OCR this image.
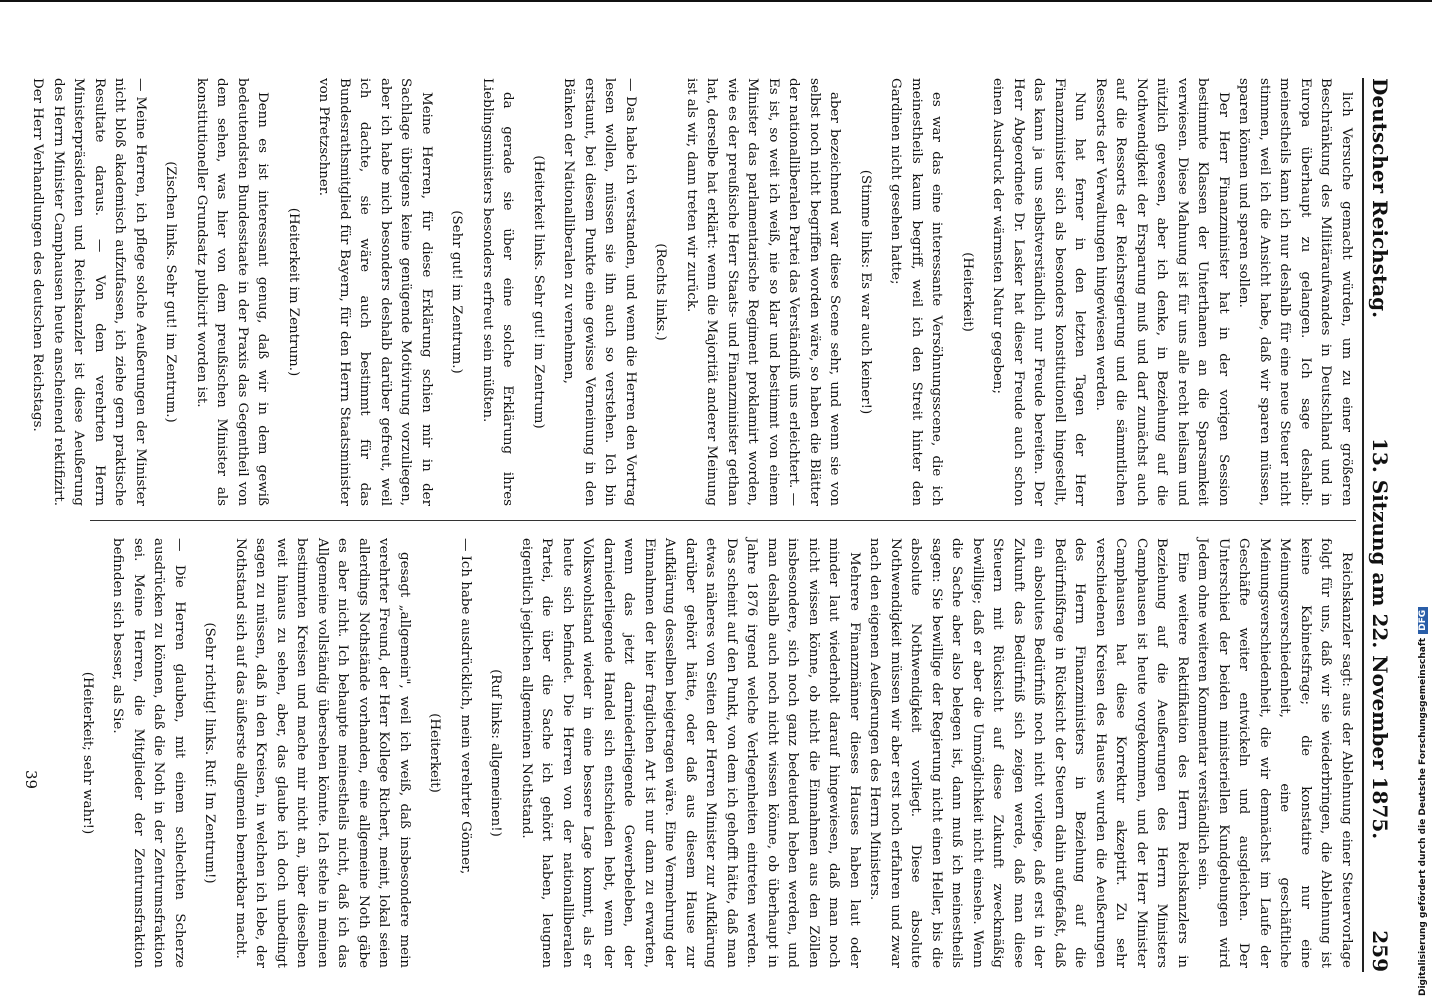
Deutscher Reichstag.
13. Sitzung am 22. November 1875.
259

lich Versuche gemacht würden, um zu einer größeren Beschränkung des Militäraufwandes in Deutschland und in Europa überhaupt zu gelangen. Ich sage deshalb: meinestheils kann ich nur deshalb für eine neue Steuer nicht stimmen, weil ich die Ansicht habe, daß wir sparen müssen, sparen können und sparen sollen.

Der Herr Finanzminister hat in der vorigen Session bestimmte Klassen der Unterthanen an die Sparsamkeit verwiesen. Diese Mahnung ist für uns alle recht heilsam und nützlich gewesen, aber ich denke, in Beziehung auf die Nothwendigkeit der Ersparung muß und darf zunächst auch auf die Ressorts der Reichsregierung und die sämmtlichen Ressorts der Verwaltungen hingewiesen werden.

Nun hat ferner in den letzten Tagen der Herr Finanzminister sich als besonders konstitutionell hingestellt, das kann ja uns selbstverständlich nur Freude bereiten. Der Herr Abgeordnete Dr. Lasker hat dieser Freude auch schon einen Ausdruck der wärmsten Natur gegeben;

(Heiterkeit)

es war das eine interessante Versöhnungsscene, die ich meinestheils kaum begriff, weil ich den Streit hinter den Gardinen nicht gesehen hatte;

(Stimme links: Es war auch keiner!)

aber bezeichnend war diese Scene sehr, und wenn sie von selbst noch nicht begriffen worden wäre, so haben die Blätter der nationalliberalen Partei das Verständniß uns erleichtert. — Es ist, so weit ich weiß, nie so klar und bestimmt von einem Minister das parlamentarische Regiment proklamirt worden, wie es der preußische Herr Staats- und Finanzminister gethan hat, derselbe hat erklärt: wenn die Majorität anderer Meinung ist als wir, dann treten wir zurück.

(Rechts links.)

— Das habe ich verstanden, und wenn die Herren den Vortrag lesen wollen, müssen sie ihn auch so verstehen. Ich bin erstaunt, bei diesem Punkte eine gewisse Verneinung in den Bänken der Nationalliberalen zu vernehmen,

(Heiterkeit links. Sehr gut! im Zentrum)

da gerade sie über eine solche Erklärung ihres Lieblingsministers besonders erfreut sein müßten.

(Sehr gut! im Zentrum.)

Meine Herren, für diese Erklärung schien mir in der Sachlage übrigens keine genügende Motivirung vorzuliegen, aber ich habe mich besonders deshalb darüber gefreut, weil ich dachte, sie wäre auch bestimmt für das Bundesrathsmitglied für Bayern, für den Herrn Staatsminister von Pfretzschner.

(Heiterkeit im Zentrum.)

Denn es ist interessant genug, daß wir in dem gewiß bedeutendsten Bundesstaate in der Praxis das Gegentheil von dem sehen, was hier von dem preußischen Minister als konstitutioneller Grundsatz publicirt worden ist.

(Zischen links. Sehr gut! im Zentrum.)

— Meine Herren, ich pflege solche Aeußerungen der Minister nicht bloß akademisch aufzufassen, ich ziehe gern praktische Resultate daraus. — Von dem verehrten Herrn Ministerpräsidenten und Reichskanzler ist diese Aeußerung des Herrn Minister Camphausen heute anscheinend rektifizirt. Der Herr Verhandlungen des deutschen Reichstags.

Reichskanzler sagt: aus der Ablehnung einer Steuervorlage folgt für uns, daß wir sie wiederbringen, die Ablehnung ist keine Kabinetsfrage; die konstatire nur eine Meinungsverschiedenheit, eine geschäftliche Meinungsverschiedenheit, die wir demnächst im Laufe der Geschäfte weiter entwickeln und ausgleichen. Der Unterschied der beiden ministeriellen Kundgebungen wird Jedem ohne weiteren Kommentar verständlich sein.

Eine weitere Rektifikation des Herrn Reichskanzlers in Beziehung auf die Aeußerungen des Herrn Ministers Camphausen ist heute vorgekommen, und der Herr Minister Camphausen hat diese Korrektur akzeptirt. Zu sehr verschiedenen Kreisen des Hauses wurden die Aeußerungen des Herrn Finanzministers in Beziehung auf die Bedürfnißfrage in Rücksicht der Steuern dahin aufgefaßt, daß ein absolutes Bedürfniß noch nicht vorliege, daß erst in der Zukunft das Bedürfniß sich zeigen werde, daß man diese Steuern mit Rücksicht auf diese Zukunft zweckmäßig bewillige; daß er aber die Unmöglichkeit nicht einsehe. Wenn die Sache aber also belegen ist, dann muß ich meinestheils sagen: Sie bewillige der Regierung nicht einen Heller, bis die absolute Nothwendigkeit vorliegt. Diese absolute Nothwendigkeit müssen wir aber erst noch erfahren und zwar nach den eigenen Aeußerungen des Herrn Ministers.

Mehrere Finanzmänner dieses Hauses haben laut oder minder laut wiederholt darauf hingewiesen, daß man noch nicht wissen könne, ob nicht die Einnahmen aus den Zöllen insbesondere, sich noch ganz bedeutend heben werden, und man deshalb auch noch nicht wissen könne, ob überhaupt in Jahre 1876 irgend welche Verlegenheiten eintreten werden. Das scheint auf den Punkt, von dem ich gehofft hätte, daß man etwas näheres von Seiten der Herren Minister zur Aufklärung darüber gehört hätte, oder daß aus diesem Hause zur Aufklärung desselben beigetragen wäre. Eine Vermehrung der Einnahmen der hier fraglichen Art ist nur dann zu erwarten, wenn das jetzt darniederliegende Gewerbeleben, der darniederliegende Handel sich entschieden hebt, wenn der Volkswohlstand wieder in eine bessere Lage kommt, als er heute sich befindet. Die Herren von der nationalliberalen Partei, die über die Sache ich gehört haben, leugnen eigentlich jeglichen allgemeinen Nothstand.

(Ruf links: allgemeinen!)

— Ich habe ausdrücklich, mein verehrter Gönner,

(Heiterkeit)

gesagt „allgemein", weil ich weiß, daß insbesondere mein verehrter Freund, der Herr Kollege Richert, meint, lokal seien allerdings Nothstände vorhanden, eine allgemeine Noth gäbe es aber nicht. Ich behaupte meinestheils nicht, daß ich das Allgemeine vollständig übersehen könnte. Ich stehe in meinen bestimmten Kreisen und mache mir nicht an, über dieselben weit hinaus zu sehen, aber, das glaube ich doch unbedingt sagen zu müssen, daß in den Kreisen, in welchen ich lebe, der Nothstand sich auf das äußerste allgemein bemerkbar macht.

(Sehr richtig! links. Ruf: Im Zentrum!)

— Die Herren glauben, mit einem schlechten Scherze ausdrücken zu können, daß die Noth in der Zentrumsfraktion sei. Meine Herren, die Mitglieder der Zentrumsfraktion befinden sich besser, als Sie.

(Heiterkeit; sehr wahr!)

39	Digitalisierung gefördert durch die Deutsche ForschungsgemeinschaftDFG
